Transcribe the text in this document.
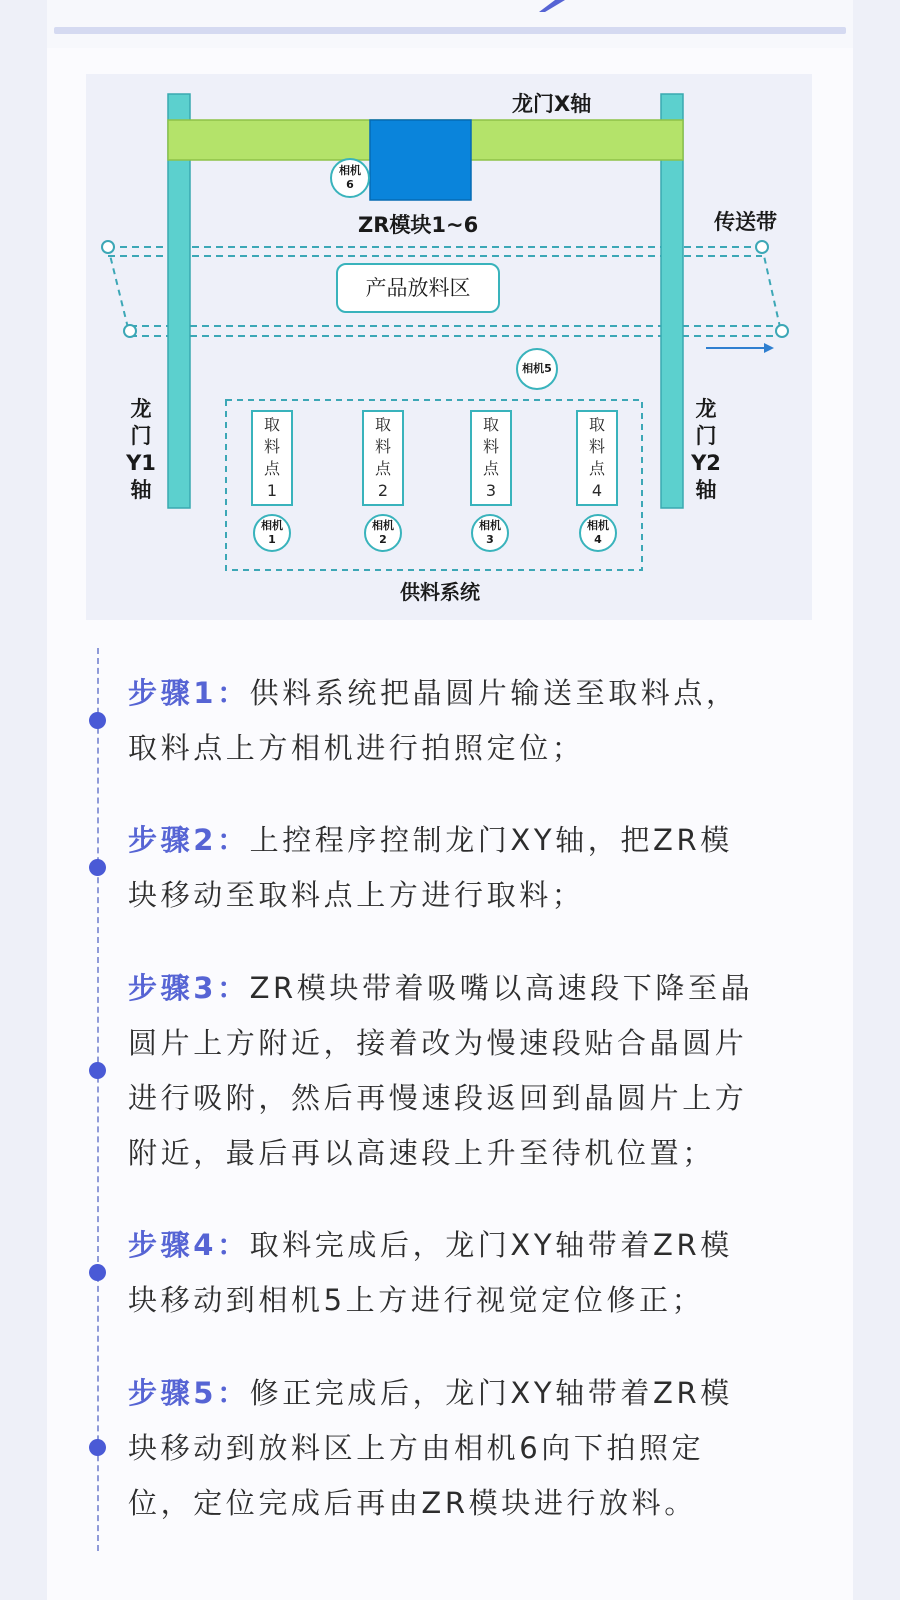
龙门X轴
ZR模块1~6	传送带
产品放料区
供料系统
龙
门
Y1
轴
龙
门
Y2
轴
相机
6
相机5
取
料
点
1
取
料
点
2
取
料
点
3
取
料
点
4
相机
1
相机
2
相机
3
相机
4
步骤1：供料系统把晶圆片输送至取料点，
取料点上方相机进行拍照定位；
步骤2：上控程序控制龙门XY轴，把ZR模
块移动至取料点上方进行取料；
步骤3：ZR模块带着吸嘴以高速段下降至晶
圆片上方附近，接着改为慢速段贴合晶圆片
进行吸附，然后再慢速段返回到晶圆片上方
附近，最后再以高速段上升至待机位置；
步骤4：取料完成后，龙门XY轴带着ZR模
块移动到相机5上方进行视觉定位修正；
步骤5：修正完成后，龙门XY轴带着ZR模
块移动到放料区上方由相机6向下拍照定
位，定位完成后再由ZR模块进行放料。
